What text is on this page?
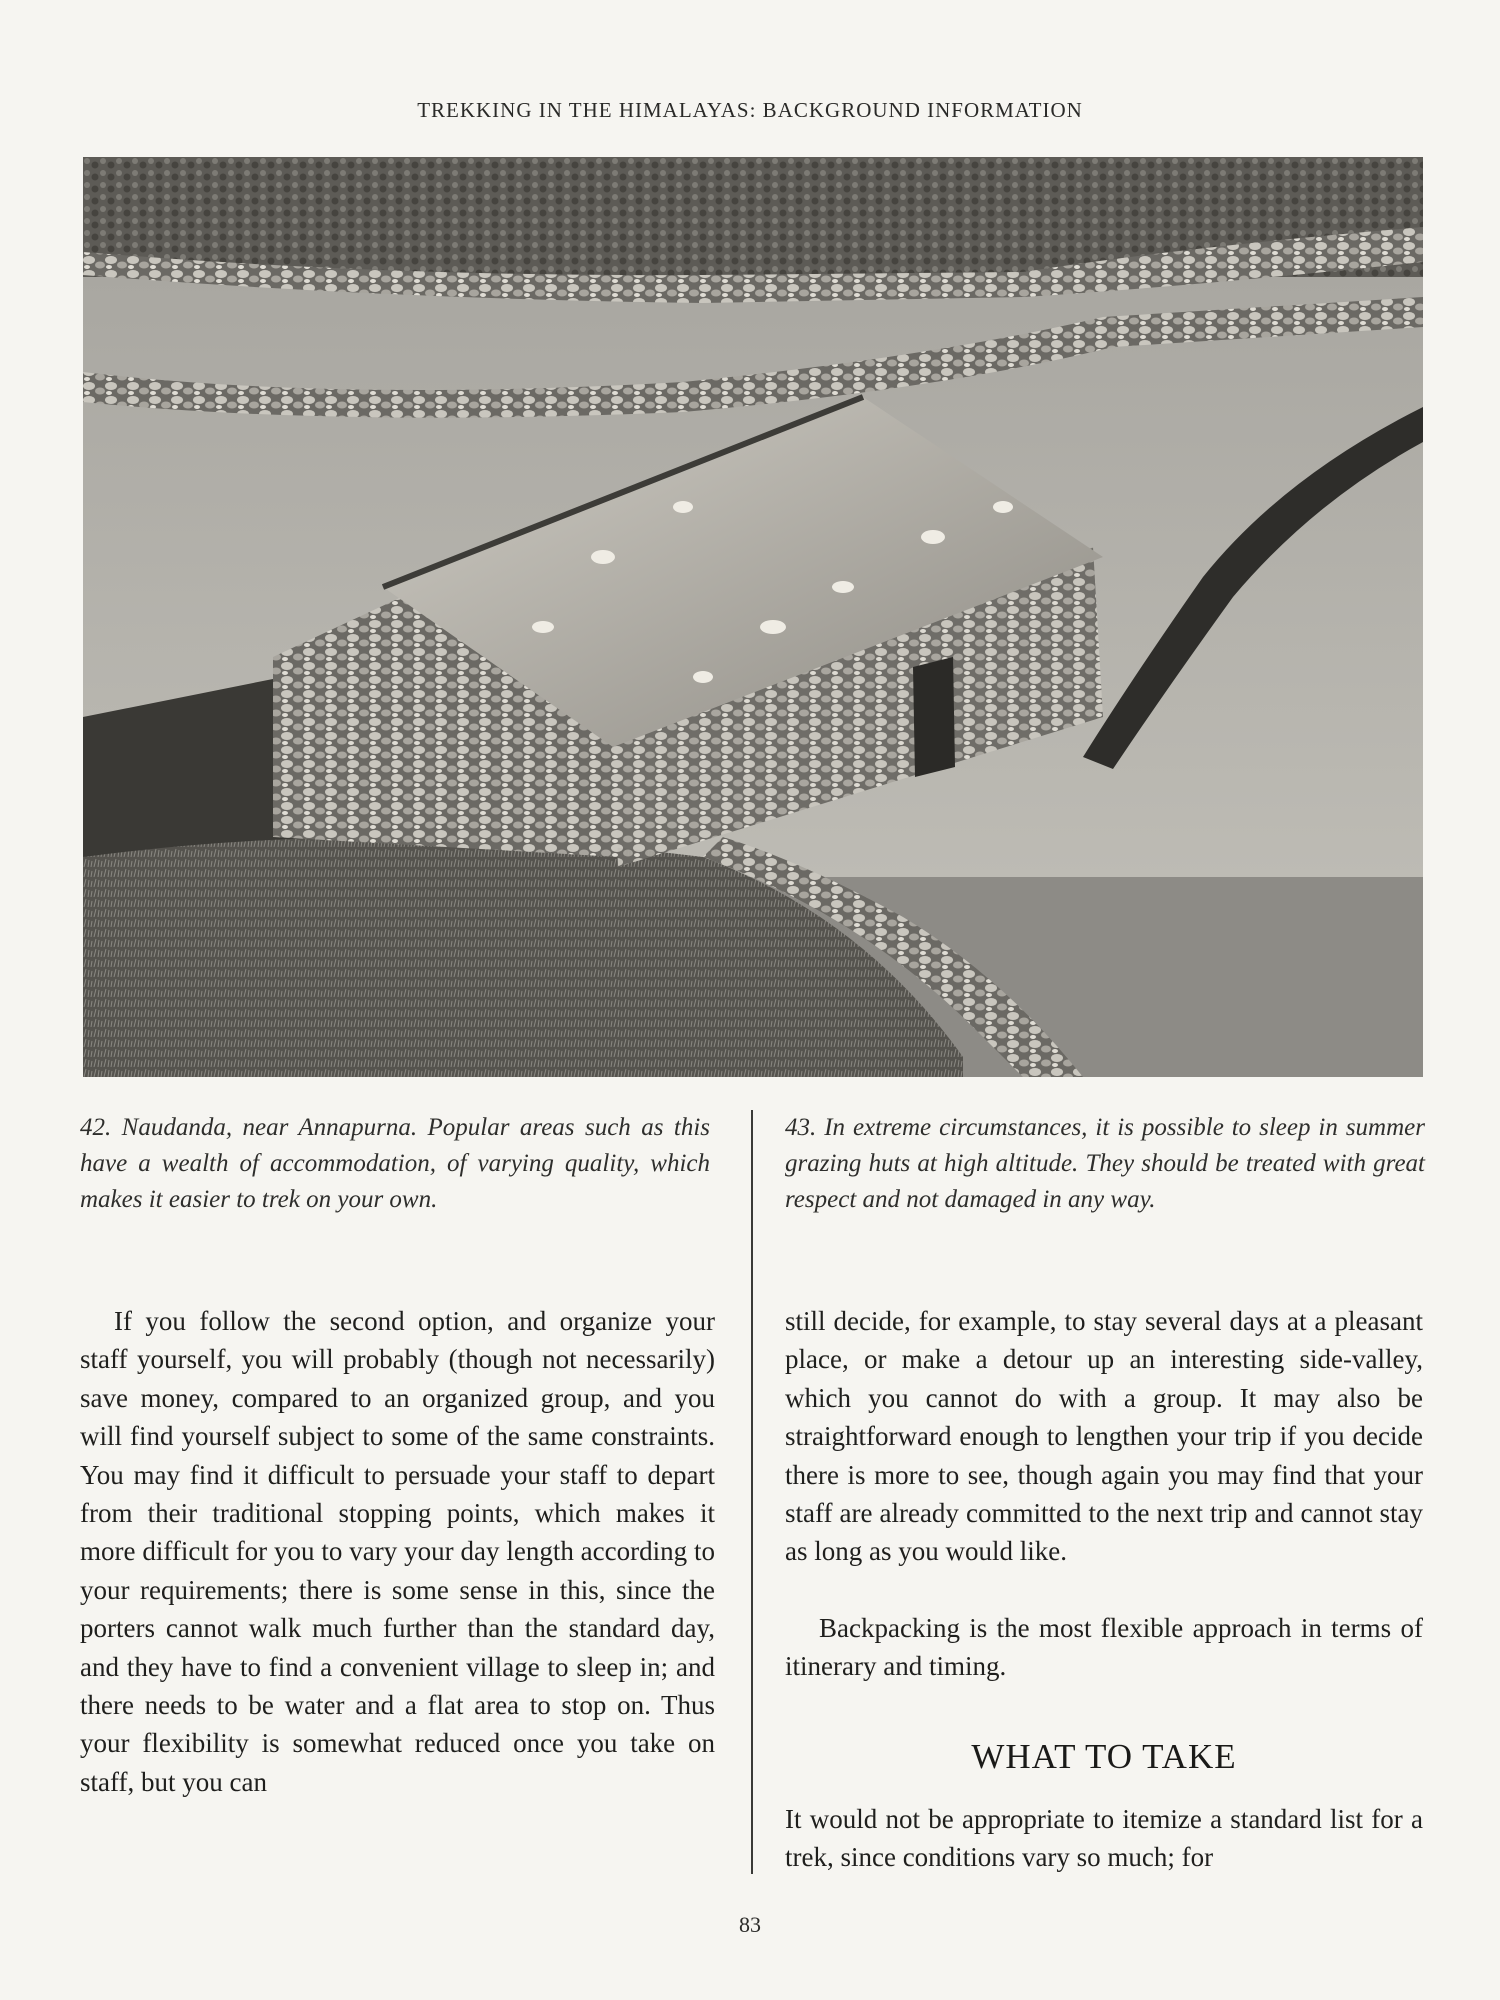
TREKKING IN THE HIMALAYAS: BACKGROUND INFORMATION
42. Naudanda, near Annapurna. Popular areas such as this have a wealth of accommodation, of varying quality, which makes it easier to trek on your own.
43. In extreme circumstances, it is possible to sleep in summer grazing huts at high altitude. They should be treated with great respect and not damaged in any way.
If you follow the second option, and organize your staff yourself, you will probably (though not necessarily) save money, compared to an organized group, and you will find yourself subject to some of the same constraints. You may find it difficult to persuade your staff to depart from their traditional stopping points, which makes it more difficult for you to vary your day length according to your requirements; there is some sense in this, since the porters cannot walk much further than the standard day, and they have to find a convenient village to sleep in; and there needs to be water and a flat area to stop on. Thus your flexibility is somewhat reduced once you take on staff, but you can
still decide, for example, to stay several days at a pleasant place, or make a detour up an interesting side-valley, which you cannot do with a group. It may also be straightforward enough to lengthen your trip if you decide there is more to see, though again you may find that your staff are already committed to the next trip and cannot stay as long as you would like.
Backpacking is the most flexible approach in terms of itinerary and timing.
WHAT TO TAKE
It would not be appropriate to itemize a standard list for a trek, since conditions vary so much; for
83
